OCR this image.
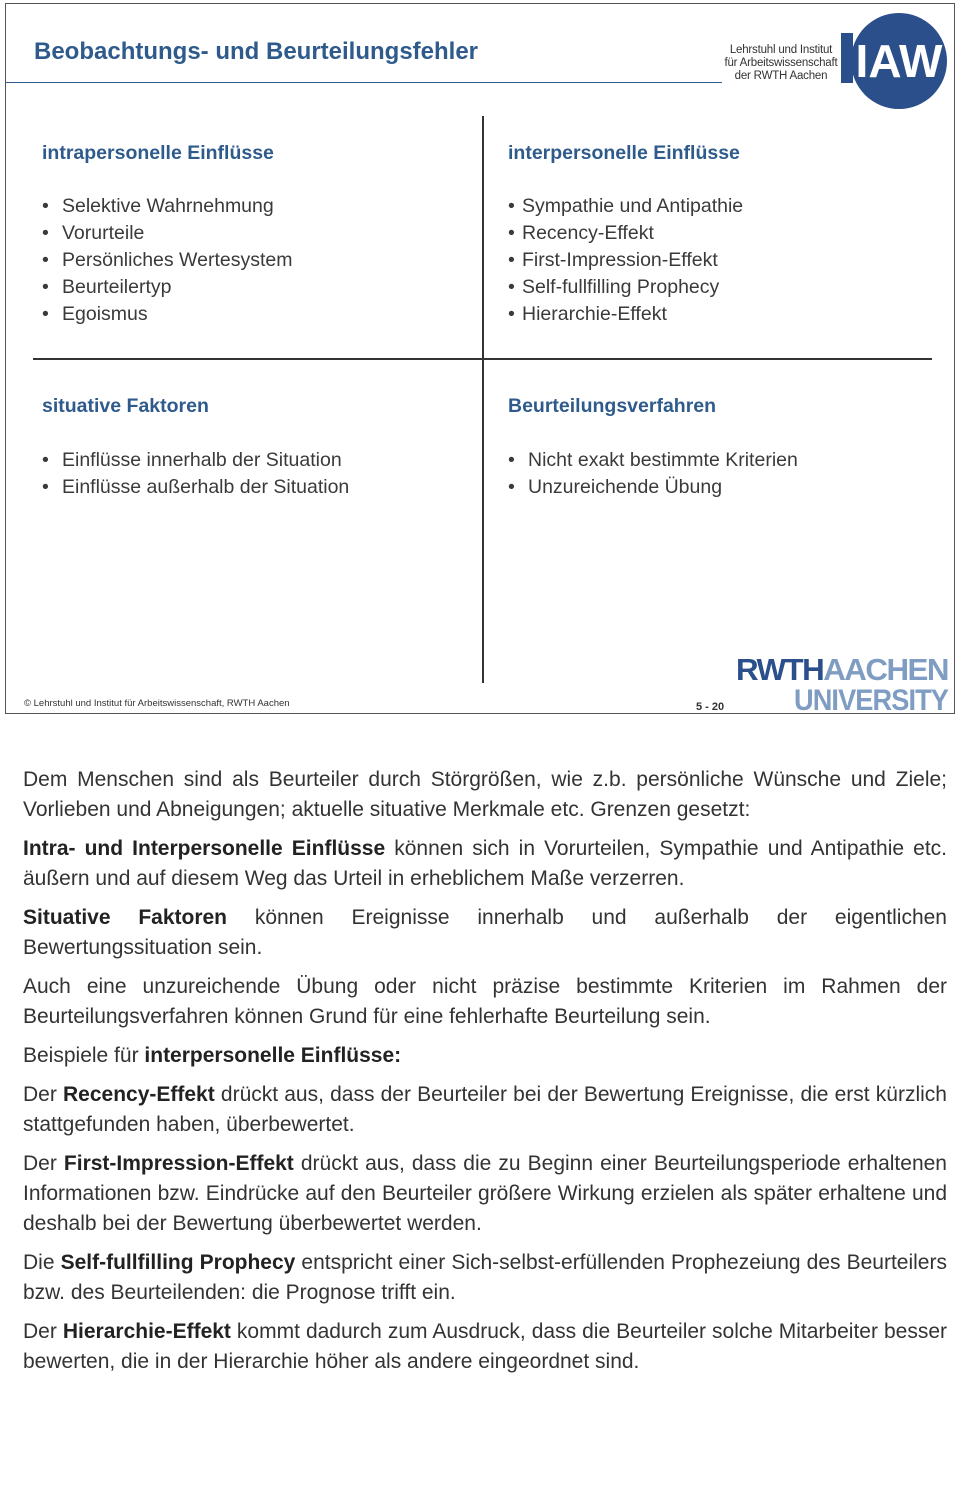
Beobachtungs- und Beurteilungsfehler	Lehrstuhl und Institut
für Arbeitswissenschaft
der RWTH Aachen IAW
intrapersonelle Einflüsse
• Selektive Wahrnehmung
• Vorurteile
• Persönliches Wertesystem
• Beurteilertyp
• Egoismus
interpersonelle Einflüsse
• Sympathie und Antipathie
• Recency-Effekt
• First-Impression-Effekt
• Self-fullfilling Prophecy
• Hierarchie-Effekt
situative Faktoren
• Einflüsse innerhalb der Situation
• Einflüsse außerhalb der Situation
Beurteilungsverfahren
• Nicht exakt bestimmte Kriterien
• Unzureichende Übung
RWTHAACHEN
UNIVERSITY
© Lehrstuhl und Institut für Arbeitswissenschaft, RWTH Aachen	5 - 20

Dem Menschen sind als Beurteiler durch Störgrößen, wie z.b. persönliche Wünsche und Ziele; Vorlieben und Abneigungen; aktuelle situative Merkmale etc. Grenzen gesetzt:

Intra- und Interpersonelle Einflüsse können sich in Vorurteilen, Sympathie und Antipathie etc. äußern und auf diesem Weg das Urteil in erheblichem Maße verzerren.

Situative Faktoren können Ereignisse innerhalb und außerhalb der eigentlichen Bewertungssituation sein.

Auch eine unzureichende Übung oder nicht präzise bestimmte Kriterien im Rahmen der Beurteilungsverfahren können Grund für eine fehlerhafte Beurteilung sein.

Beispiele für interpersonelle Einflüsse:

Der Recency-Effekt drückt aus, dass der Beurteiler bei der Bewertung Ereignisse, die erst kürzlich stattgefunden haben, überbewertet.

Der First-Impression-Effekt drückt aus, dass die zu Beginn einer Beurteilungsperiode erhaltenen Informationen bzw. Eindrücke auf den Beurteiler größere Wirkung erzielen als später erhaltene und deshalb bei der Bewertung überbewertet werden.

Die Self-fullfilling Prophecy entspricht einer Sich-selbst-erfüllenden Prophezeiung des Beurteilers bzw. des Beurteilenden: die Prognose trifft ein.

Der Hierarchie-Effekt kommt dadurch zum Ausdruck, dass die Beurteiler solche Mitarbeiter besser bewerten, die in der Hierarchie höher als andere eingeordnet sind.
